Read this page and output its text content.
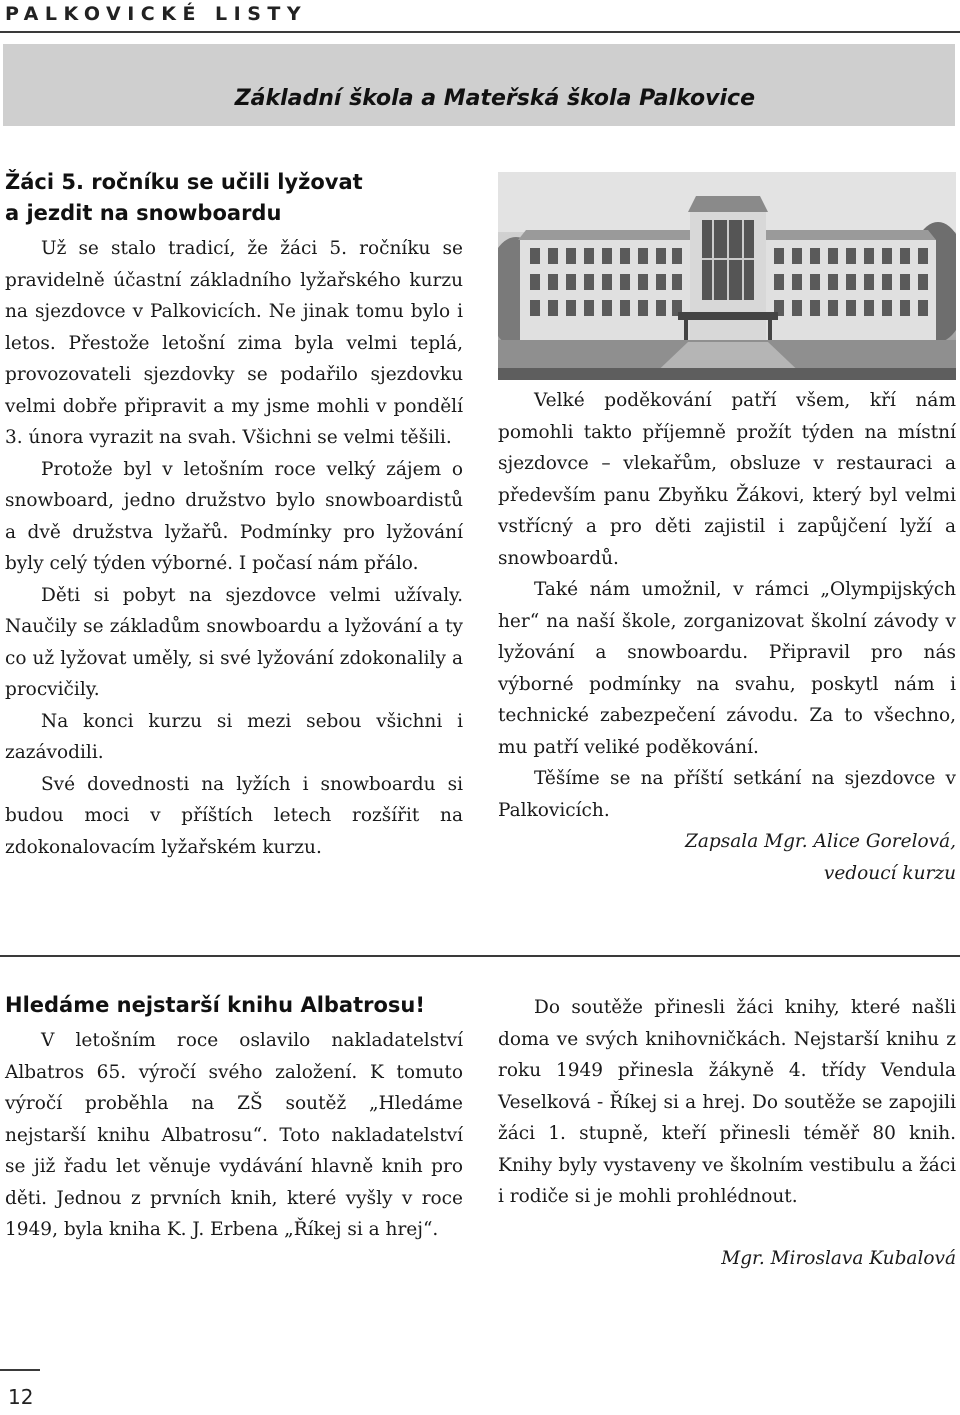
PALKOVICKÉ LISTY
Základní škola a Mateřská škola Palkovice
Žáci 5. ročníku se učili lyžovat
a jezdit na snowboardu

Už se stalo tradicí, že žáci 5. ročníku se pravidelně účastní základního lyžařského kurzu na sjezdovce v Palkovicích. Ne jinak tomu bylo i letos. Přestože letošní zima byla velmi teplá, provozovateli sjezdovky se podařilo sjezdovku velmi dobře připravit a my jsme mohli v pondělí 3. února vyrazit na svah. Všichni se velmi těšili.

Protože byl v letošním roce velký zájem o snowboard, jedno družstvo bylo snowboardistů a dvě družstva lyžařů. Podmínky pro lyžování byly celý týden výborné. I počasí nám přálo.

Děti si pobyt na sjezdovce velmi užívaly. Naučily se základům snowboardu a lyžování a ty co už lyžovat uměly, si své lyžování zdokonalily a procvičily.

Na konci kurzu si mezi sebou všichni i zazávodili.

Své dovednosti na lyžích i snowboardu si budou moci v příštích letech rozšířit na zdokonalovacím lyžařském kurzu.

Velké poděkování patří všem, kří nám pomohli takto příjemně prožít týden na místní sjezdovce – vlekařům, obsluze v restauraci a především panu Zbyňku Žákovi, který byl velmi vstřícný a pro děti zajistil i zapůjčení lyží a snowboardů.

Také nám umožnil, v rámci „Olympijských her“ na naší škole, zorganizovat školní závody v lyžování a snowboardu. Připravil pro nás výborné podmínky na svahu, poskytl nám i technické zabezpečení závodu. Za to všechno, mu patří veliké poděkování.

Těšíme se na příští setkání na sjezdovce v Palkovicích.

Zapsala Mgr. Alice Gorelová,

vedoucí kurzu

Hledáme nejstarší knihu Albatrosu!

V letošním roce oslavilo nakladatelství Albatros 65. výročí svého založení. K tomuto výročí proběhla na ZŠ soutěž „Hledáme nejstarší knihu Albatrosu“. Toto nakladatelství se již řadu let věnuje vydávání hlavně knih pro děti. Jednou z prvních knih, které vyšly v roce 1949, byla kniha K. J. Erbena „Říkej si a hrej“.

Do soutěže přinesli žáci knihy, které našli doma ve svých knihovničkách. Nejstarší knihu z roku 1949 přinesla žákyně 4. třídy Vendula Veselková - Říkej si a hrej. Do soutěže se zapojili žáci 1. stupně, kteří přinesli téměř 80 knih. Knihy byly vystaveny ve školním vestibulu a žáci i rodiče si je mohli prohlédnout.

Mgr. Miroslava Kubalová

12
